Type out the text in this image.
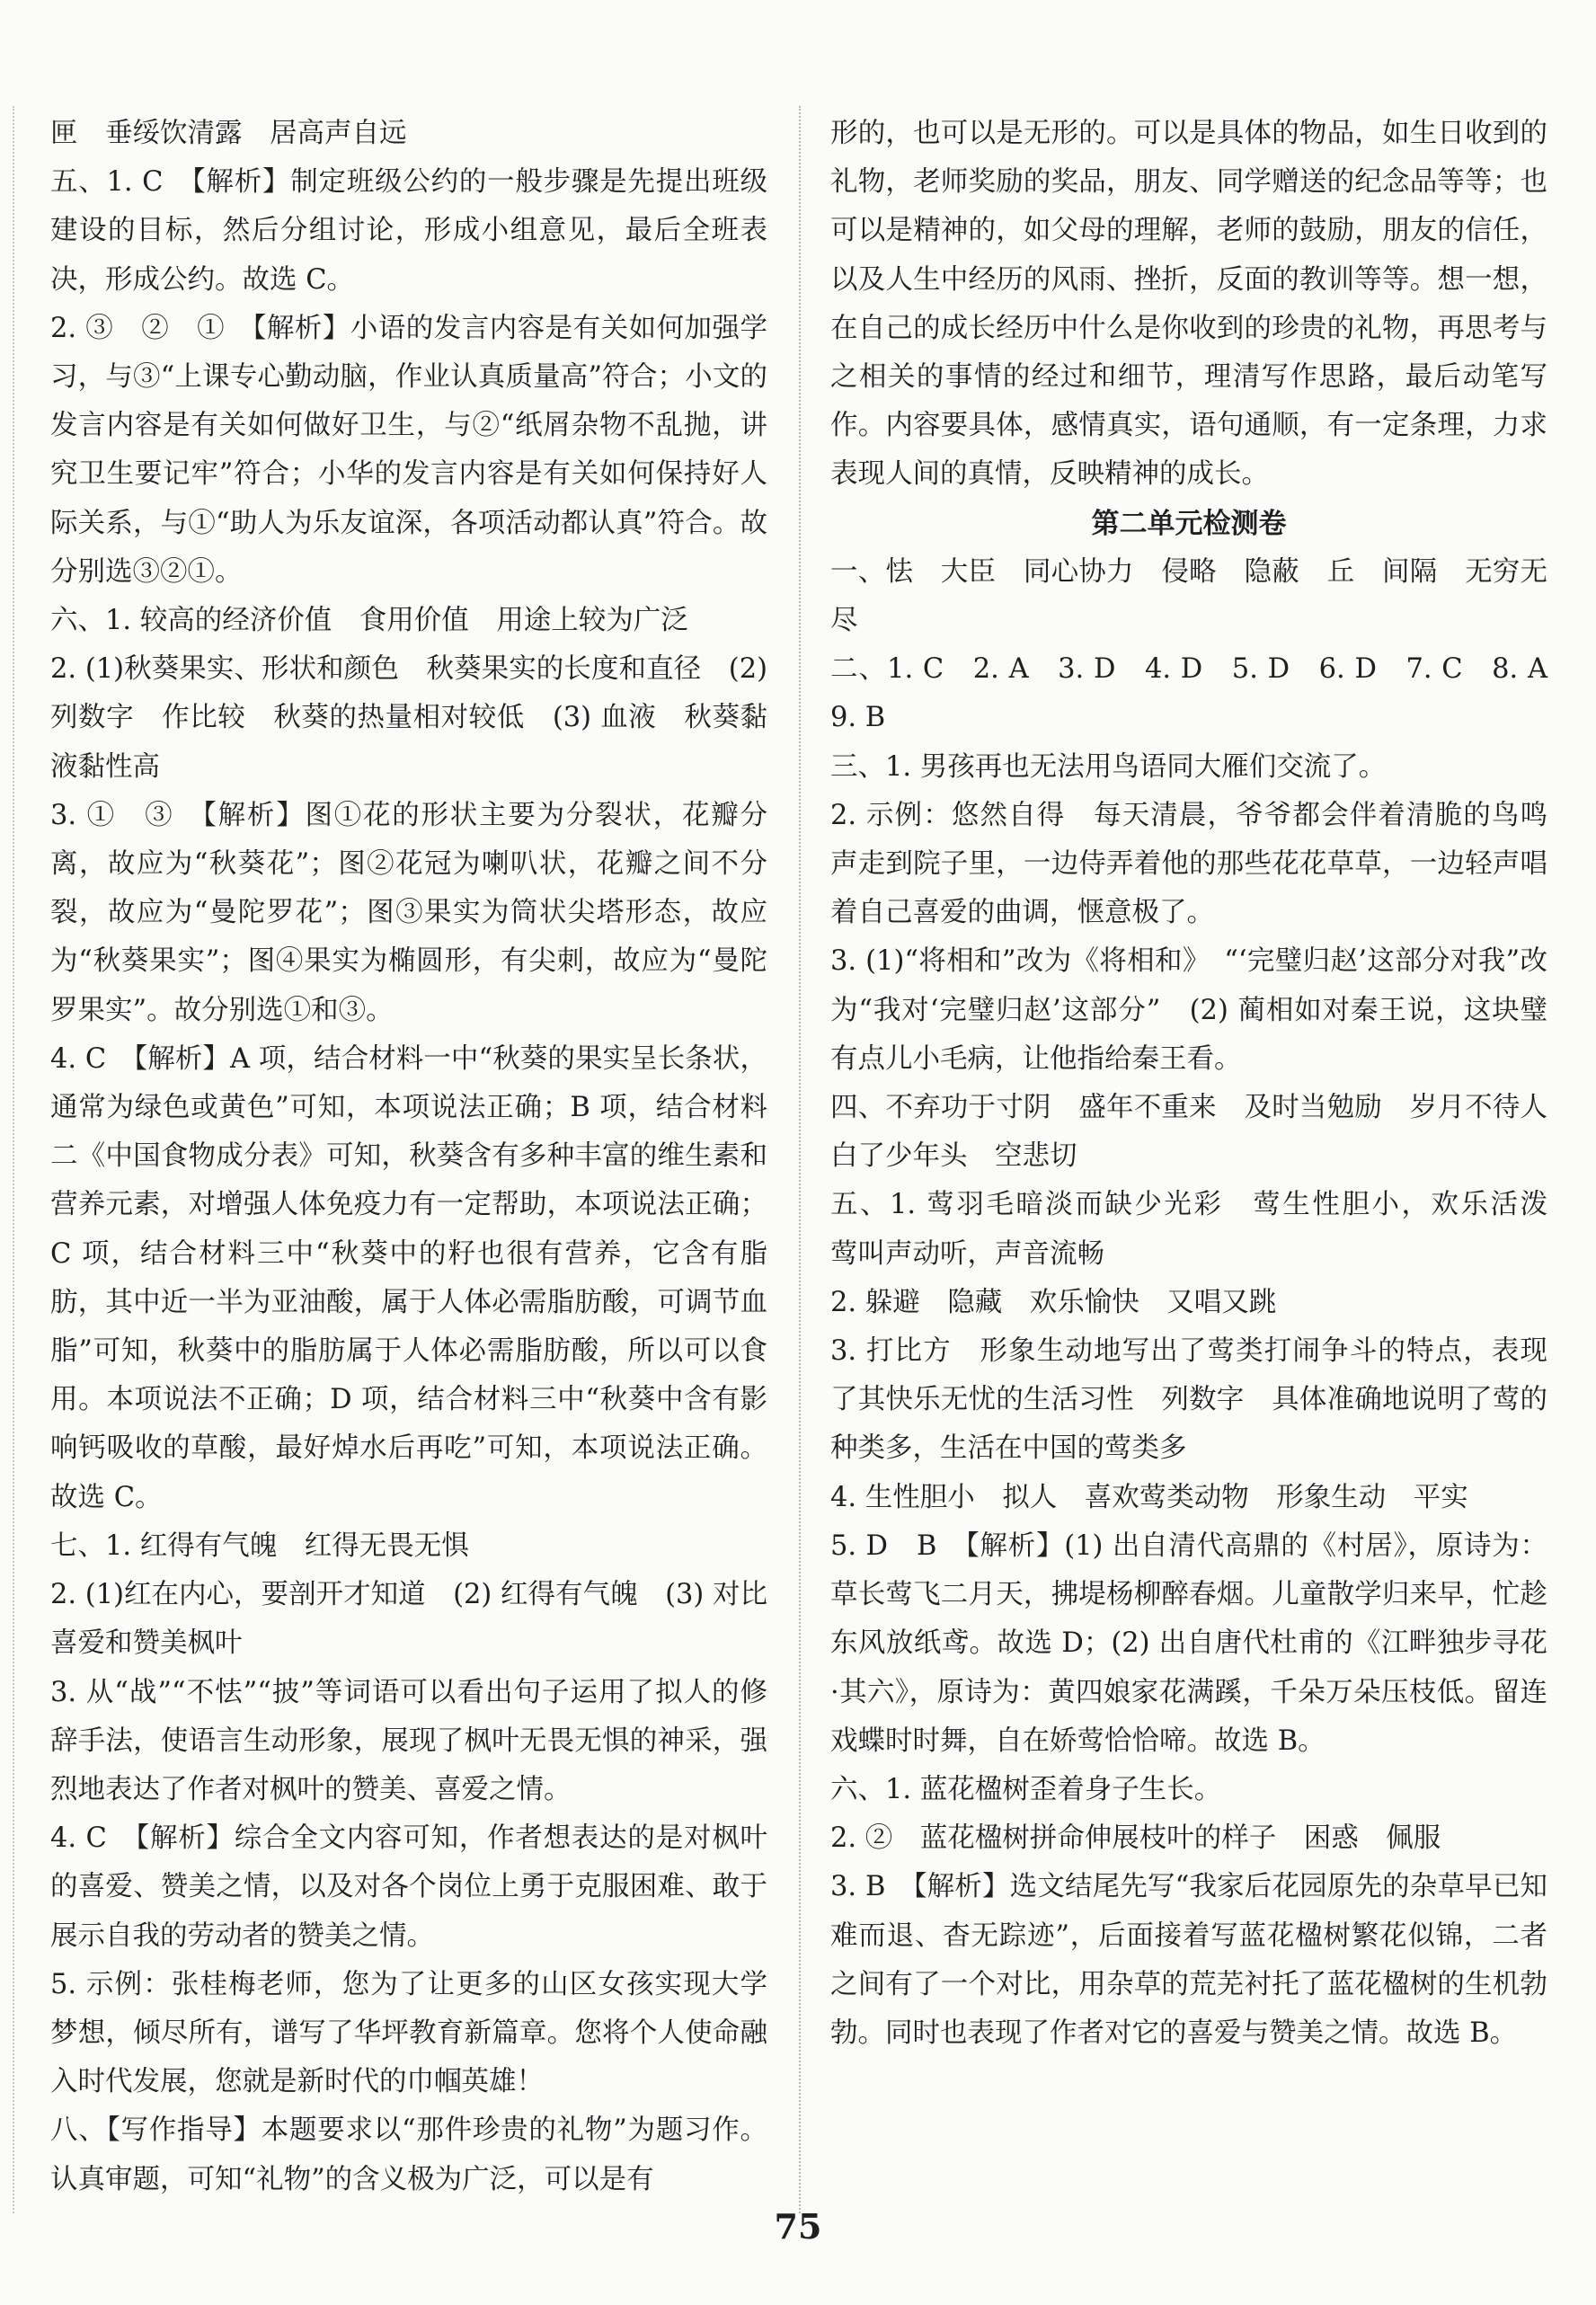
匣　垂绥饮清露　居高声自远

五、1. C　【解析】制定班级公约的一般步骤是先提出班级建设的目标，然后分组讨论，形成小组意见，最后全班表决，形成公约。故选 C。

2. ③　②　①　【解析】小语的发言内容是有关如何加强学习，与③“上课专心勤动脑，作业认真质量高”符合；小文的发言内容是有关如何做好卫生，与②“纸屑杂物不乱抛，讲究卫生要记牢”符合；小华的发言内容是有关如何保持好人际关系，与①“助人为乐友谊深，各项活动都认真”符合。故分别选③②①。

六、1. 较高的经济价值　食用价值　用途上较为广泛

2. (1)秋葵果实、形状和颜色　秋葵果实的长度和直径　(2)列数字　作比较　秋葵的热量相对较低　(3) 血液　秋葵黏液黏性高

3. ①　③　【解析】图①花的形状主要为分裂状，花瓣分离，故应为“秋葵花”；图②花冠为喇叭状，花瓣之间不分裂，故应为“曼陀罗花”；图③果实为筒状尖塔形态，故应为“秋葵果实”；图④果实为椭圆形，有尖刺，故应为“曼陀罗果实”。故分别选①和③。

4. C　【解析】A 项，结合材料一中“秋葵的果实呈长条状，通常为绿色或黄色”可知，本项说法正确；B 项，结合材料二《中国食物成分表》可知，秋葵含有多种丰富的维生素和营养元素，对增强人体免疫力有一定帮助，本项说法正确；C 项，结合材料三中“秋葵中的籽也很有营养，它含有脂肪，其中近一半为亚油酸，属于人体必需脂肪酸，可调节血脂”可知，秋葵中的脂肪属于人体必需脂肪酸，所以可以食用。本项说法不正确；D 项，结合材料三中“秋葵中含有影响钙吸收的草酸，最好焯水后再吃”可知，本项说法正确。故选 C。

七、1. 红得有气魄　红得无畏无惧

2. (1)红在内心，要剖开才知道　(2) 红得有气魄　(3) 对比　喜爱和赞美枫叶

3. 从“战”“不怯”“披”等词语可以看出句子运用了拟人的修辞手法，使语言生动形象，展现了枫叶无畏无惧的神采，强烈地表达了作者对枫叶的赞美、喜爱之情。

4. C　【解析】综合全文内容可知，作者想表达的是对枫叶的喜爱、赞美之情，以及对各个岗位上勇于克服困难、敢于展示自我的劳动者的赞美之情。

5. 示例：张桂梅老师，您为了让更多的山区女孩实现大学梦想，倾尽所有，谱写了华坪教育新篇章。您将个人使命融入时代发展，您就是新时代的巾帼英雄！

八、【写作指导】本题要求以“那件珍贵的礼物”为题习作。认真审题，可知“礼物”的含义极为广泛，可以是有

形的，也可以是无形的。可以是具体的物品，如生日收到的礼物，老师奖励的奖品，朋友、同学赠送的纪念品等等；也可以是精神的，如父母的理解，老师的鼓励，朋友的信任，以及人生中经历的风雨、挫折，反面的教训等等。想一想，在自己的成长经历中什么是你收到的珍贵的礼物，再思考与之相关的事情的经过和细节，理清写作思路，最后动笔写作。内容要具体，感情真实，语句通顺，有一定条理，力求表现人间的真情，反映精神的成长。

第二单元检测卷

一、怯　大臣　同心协力　侵略　隐蔽　丘　间隔　无穷无尽

二、1. C　2. A　3. D　4. D　5. D　6. D　7. C　8. A　9. B

三、1. 男孩再也无法用鸟语同大雁们交流了。

2. 示例：悠然自得　每天清晨，爷爷都会伴着清脆的鸟鸣声走到院子里，一边侍弄着他的那些花花草草，一边轻声唱着自己喜爱的曲调，惬意极了。

3. (1)“将相和”改为《将相和》　“‘完璧归赵’这部分对我”改为“我对‘完璧归赵’这部分”　(2) 蔺相如对秦王说，这块璧有点儿小毛病，让他指给秦王看。

四、不弃功于寸阴　盛年不重来　及时当勉励　岁月不待人　白了少年头　空悲切

五、1. 莺羽毛暗淡而缺少光彩　莺生性胆小，欢乐活泼　莺叫声动听，声音流畅

2. 躲避　隐藏　欢乐愉快　又唱又跳

3. 打比方　形象生动地写出了莺类打闹争斗的特点，表现了其快乐无忧的生活习性　列数字　具体准确地说明了莺的种类多，生活在中国的莺类多

4. 生性胆小　拟人　喜欢莺类动物　形象生动　平实

5. D　B　【解析】(1) 出自清代高鼎的《村居》，原诗为：草长莺飞二月天，拂堤杨柳醉春烟。儿童散学归来早，忙趁东风放纸鸢。故选 D；(2) 出自唐代杜甫的《江畔独步寻花·其六》，原诗为：黄四娘家花满蹊，千朵万朵压枝低。留连戏蝶时时舞，自在娇莺恰恰啼。故选 B。

六、1. 蓝花楹树歪着身子生长。

2. ②　蓝花楹树拼命伸展枝叶的样子　困惑　佩服

3. B　【解析】选文结尾先写“我家后花园原先的杂草早已知难而退、杳无踪迹”，后面接着写蓝花楹树繁花似锦，二者之间有了一个对比，用杂草的荒芜衬托了蓝花楹树的生机勃勃。同时也表现了作者对它的喜爱与赞美之情。故选 B。

75
